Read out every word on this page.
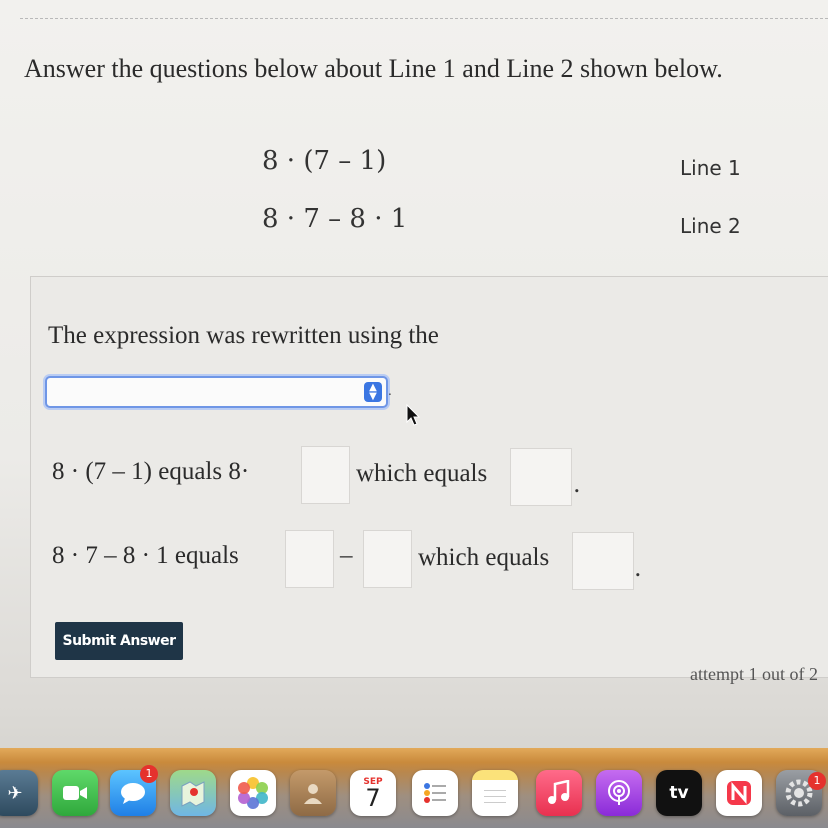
Answer the questions below about Line 1 and Line 2 shown below.
8 · (7 – 1)	Line 1
8 · 7 – 8 · 1	Line 2
The expression was rewritten using the
▲
▼ .
8 · (7 – 1) equals 8·	which equals	.
8 · 7 – 8 · 1 equals	–	which equals	.
Submit Answer
attempt 1 out of 2
✈
1
SEP
7	tv
1
